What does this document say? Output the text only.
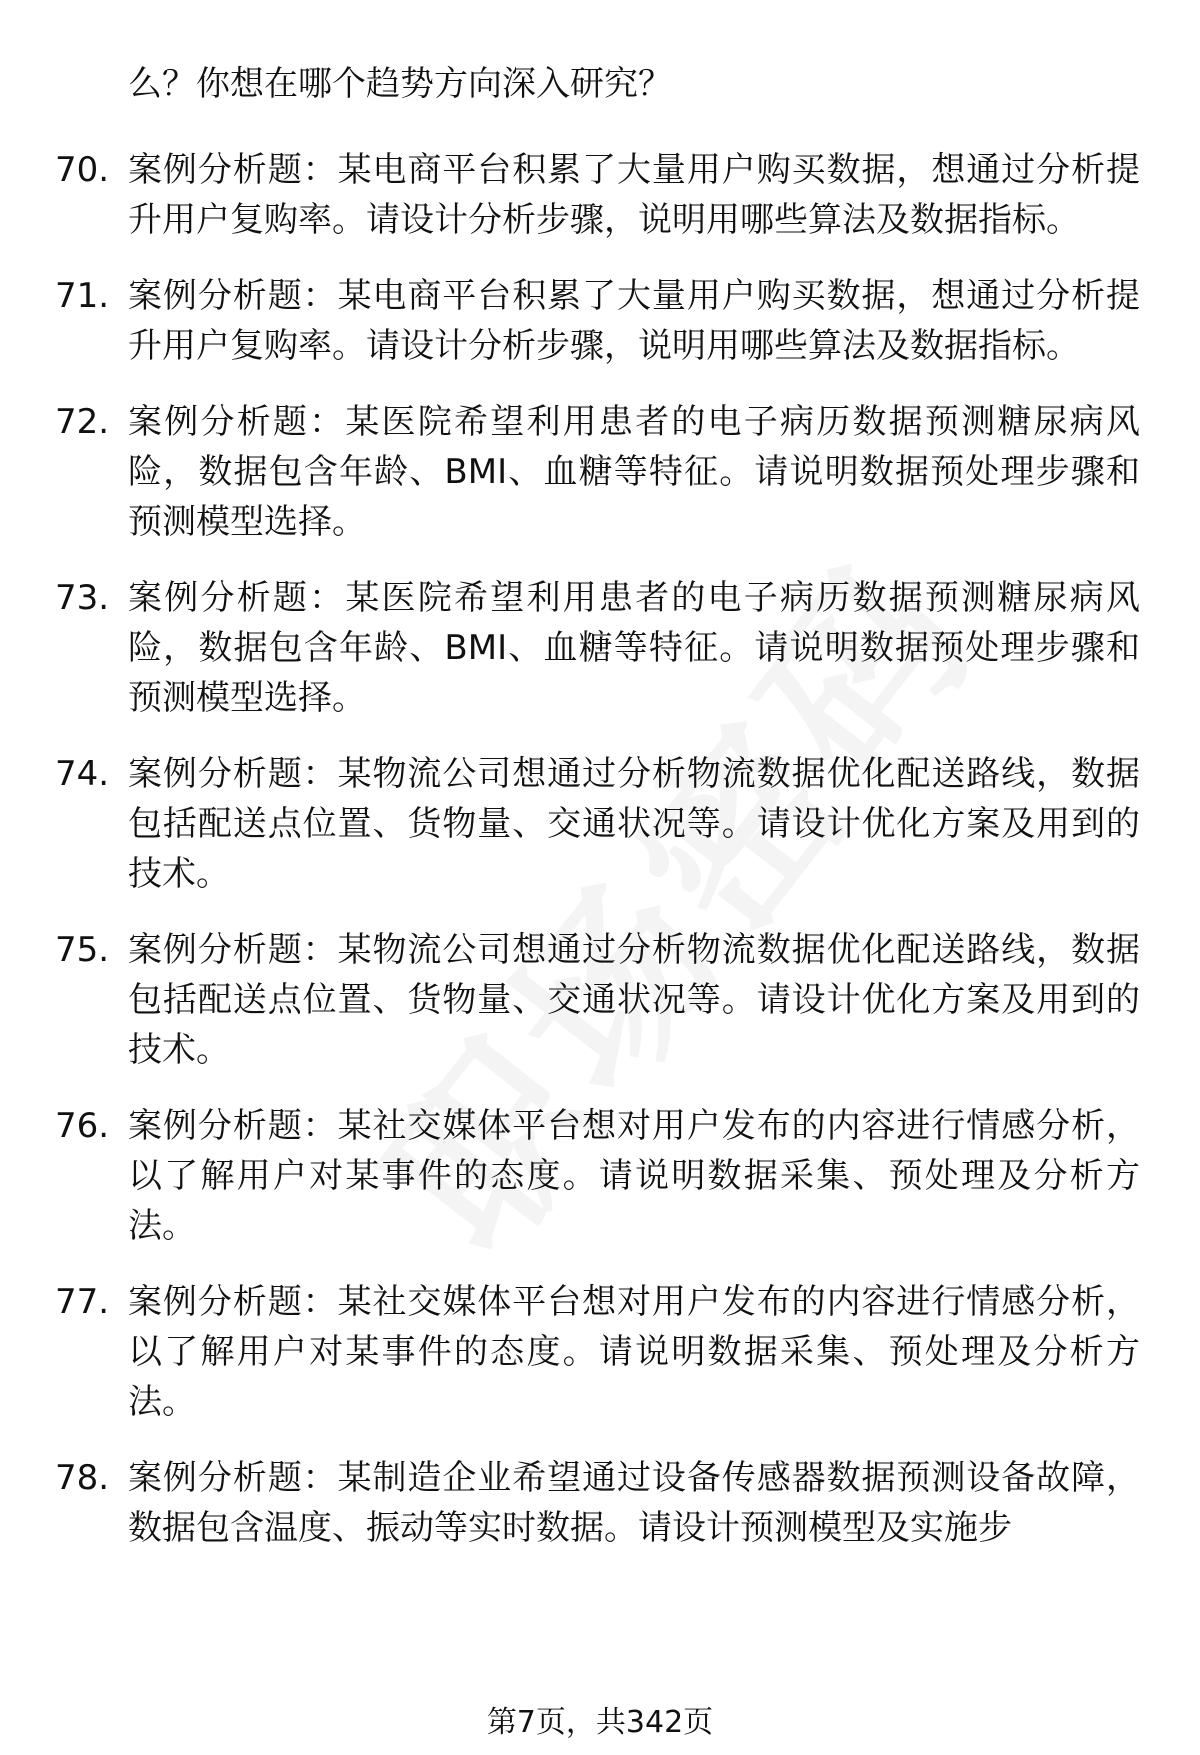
么？你想在哪个趋势方向深入研究？
70. 案例分析题：某电商平台积累了大量用户购买数据，想通过分析提升用户复购率。请设计分析步骤，说明用哪些算法及数据指标。
71. 案例分析题：某电商平台积累了大量用户购买数据，想通过分析提升用户复购率。请设计分析步骤，说明用哪些算法及数据指标。
72. 案例分析题：某医院希望利用患者的电子病历数据预测糖尿病风险，数据包含年龄、BMI、血糖等特征。请说明数据预处理步骤和预测模型选择。
73. 案例分析题：某医院希望利用患者的电子病历数据预测糖尿病风险，数据包含年龄、BMI、血糖等特征。请说明数据预处理步骤和预测模型选择。
74. 案例分析题：某物流公司想通过分析物流数据优化配送路线，数据包括配送点位置、货物量、交通状况等。请设计优化方案及用到的技术。
75. 案例分析题：某物流公司想通过分析物流数据优化配送路线，数据包括配送点位置、货物量、交通状况等。请设计优化方案及用到的技术。
76. 案例分析题：某社交媒体平台想对用户发布的内容进行情感分析，以了解用户对某事件的态度。请说明数据采集、预处理及分析方法。
77. 案例分析题：某社交媒体平台想对用户发布的内容进行情感分析，以了解用户对某事件的态度。请说明数据采集、预处理及分析方法。
78. 案例分析题：某制造企业希望通过设备传感器数据预测设备故障，数据包含温度、振动等实时数据。请设计预测模型及实施步
第7页，共342页
